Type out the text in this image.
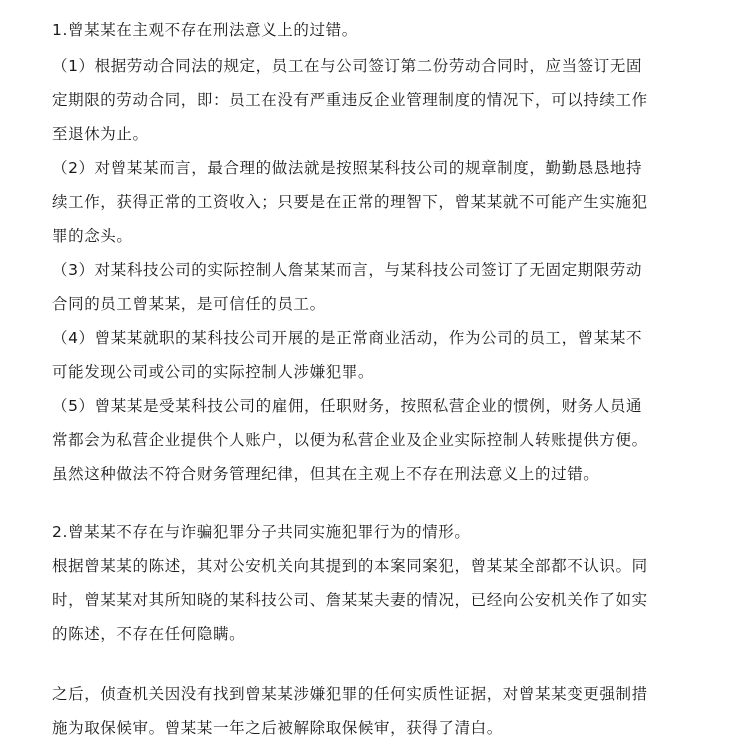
1.曾某某在主观不存在刑法意义上的过错。
（1）根据劳动合同法的规定，员工在与公司签订第二份劳动合同时，应当签订无固
定期限的劳动合同，即：员工在没有严重违反企业管理制度的情况下，可以持续工作
至退休为止。
（2）对曾某某而言，最合理的做法就是按照某科技公司的规章制度，勤勤恳恳地持
续工作，获得正常的工资收入；只要是在正常的理智下，曾某某就不可能产生实施犯
罪的念头。
（3）对某科技公司的实际控制人詹某某而言，与某科技公司签订了无固定期限劳动
合同的员工曾某某，是可信任的员工。
（4）曾某某就职的某科技公司开展的是正常商业活动，作为公司的员工，曾某某不
可能发现公司或公司的实际控制人涉嫌犯罪。
（5）曾某某是受某科技公司的雇佣，任职财务，按照私营企业的惯例，财务人员通
常都会为私营企业提供个人账户，以便为私营企业及企业实际控制人转账提供方便。
虽然这种做法不符合财务管理纪律，但其在主观上不存在刑法意义上的过错。
2.曾某某不存在与诈骗犯罪分子共同实施犯罪行为的情形。
根据曾某某的陈述，其对公安机关向其提到的本案同案犯，曾某某全部都不认识。同
时，曾某某对其所知晓的某科技公司、詹某某夫妻的情况，已经向公安机关作了如实
的陈述，不存在任何隐瞒。
之后，侦查机关因没有找到曾某某涉嫌犯罪的任何实质性证据，对曾某某变更强制措
施为取保候审。曾某某一年之后被解除取保候审，获得了清白。
